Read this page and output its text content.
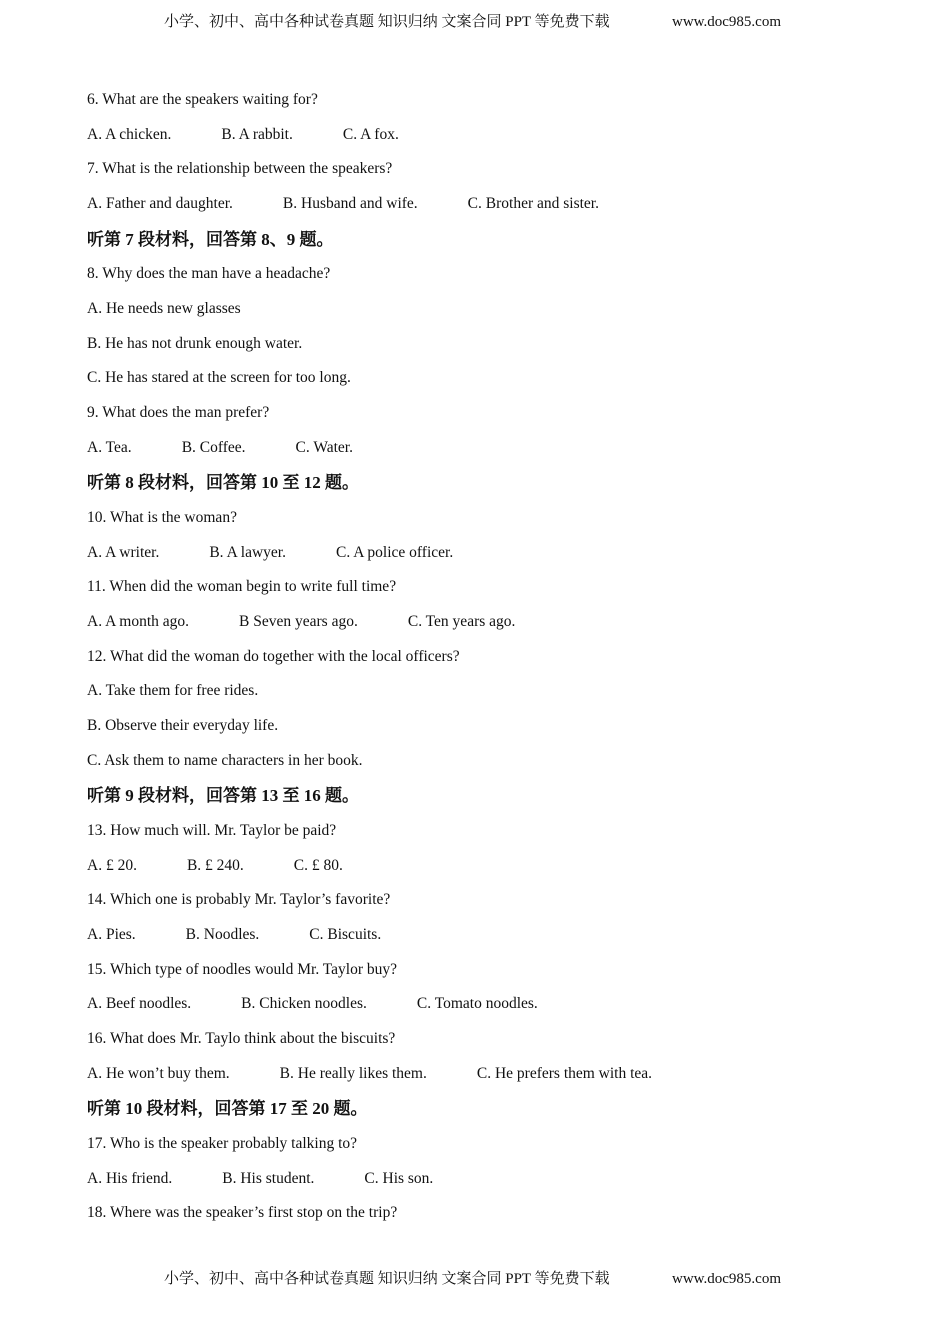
小学、初中、高中各种试卷真题 知识归纳 文案合同 PPT 等免费下载	www.doc985.com
6. What are the speakers waiting for?
A. A chicken.	B. A rabbit.	C. A fox.
7. What is the relationship between the speakers?
A. Father and daughter.	B. Husband and wife.	C. Brother and sister.
听第 7 段材料，回答第 8、9 题。
8. Why does the man have a headache?
A. He needs new glasses
B. He has not drunk enough water.
C. He has stared at the screen for too long.
9. What does the man prefer?
A. Tea.	B. Coffee.	C. Water.
听第 8 段材料，回答第 10 至 12 题。
10. What is the woman?
A. A writer.	B. A lawyer.	C. A police officer.
11. When did the woman begin to write full time?
A. A month ago.	B Seven years ago.	C. Ten years ago.
12. What did the woman do together with the local officers?
A. Take them for free rides.
B. Observe their everyday life.
C. Ask them to name characters in her book.
听第 9 段材料，回答第 13 至 16 题。
13. How much will. Mr. Taylor be paid?
A. £ 20.	B. £ 240.	C. £ 80.
14. Which one is probably Mr. Taylor’s favorite?
A. Pies.	B. Noodles.	C. Biscuits.
15. Which type of noodles would Mr. Taylor buy?
A. Beef noodles.	B. Chicken noodles.	C. Tomato noodles.
16. What does Mr. Taylo think about the biscuits?
A. He won’t buy them.	B. He really likes them.	C. He prefers them with tea.
听第 10 段材料，回答第 17 至 20 题。
17. Who is the speaker probably talking to?
A. His friend.	B. His student.	C. His son.
18. Where was the speaker’s first stop on the trip?
小学、初中、高中各种试卷真题 知识归纳 文案合同 PPT 等免费下载	www.doc985.com
